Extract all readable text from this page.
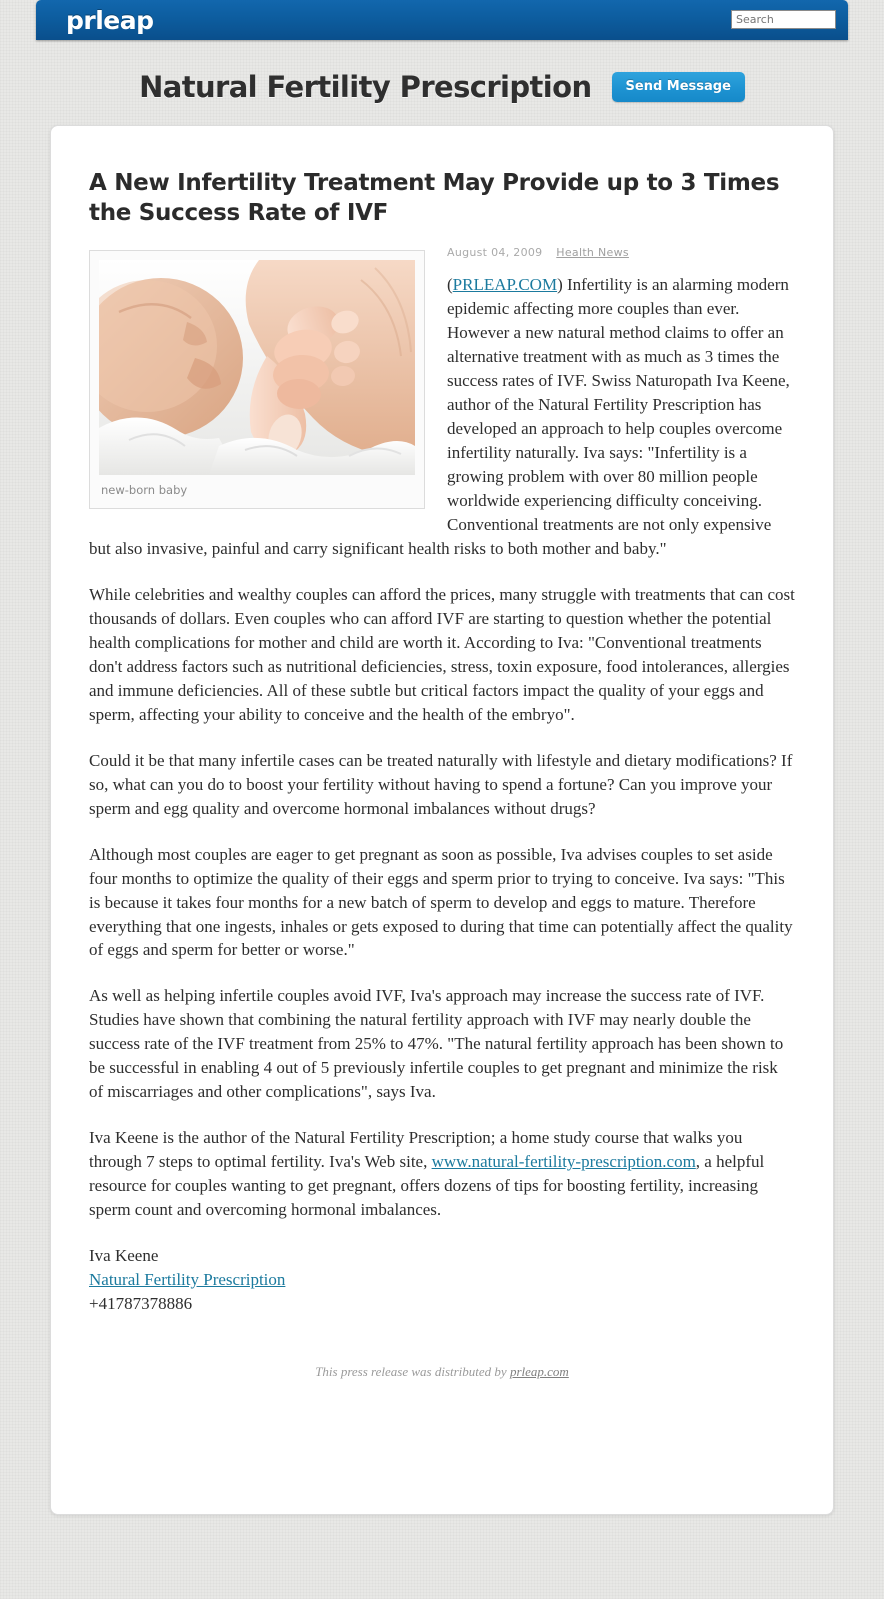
prleap
Search
Natural Fertility Prescription	Send Message
A New Infertility Treatment May Provide up to 3 Times the Success Rate of IVF
new-born baby
August 04, 2009 Health News

(PRLEAP.COM) Infertility is an alarming modern epidemic affecting more couples than ever. However a new natural method claims to offer an alternative treatment with as much as 3 times the success rates of IVF. Swiss Naturopath Iva Keene, author of the Natural Fertility Prescription has developed an approach to help couples overcome infertility naturally. Iva says: "Infertility is a growing problem with over 80 million people worldwide experiencing difficulty conceiving. Conventional treatments are not only expensive but also invasive, painful and carry significant health risks to both mother and baby."

While celebrities and wealthy couples can afford the prices, many struggle with treatments that can cost thousands of dollars. Even couples who can afford IVF are starting to question whether the potential health complications for mother and child are worth it. According to Iva: "Conventional treatments don't address factors such as nutritional deficiencies, stress, toxin exposure, food intolerances, allergies and immune deficiencies. All of these subtle but critical factors impact the quality of your eggs and sperm, affecting your ability to conceive and the health of the embryo".

Could it be that many infertile cases can be treated naturally with lifestyle and dietary modifications? If so, what can you do to boost your fertility without having to spend a fortune? Can you improve your sperm and egg quality and overcome hormonal imbalances without drugs?

Although most couples are eager to get pregnant as soon as possible, Iva advises couples to set aside four months to optimize the quality of their eggs and sperm prior to trying to conceive. Iva says: "This is because it takes four months for a new batch of sperm to develop and eggs to mature. Therefore everything that one ingests, inhales or gets exposed to during that time can potentially affect the quality of eggs and sperm for better or worse."

As well as helping infertile couples avoid IVF, Iva's approach may increase the success rate of IVF. Studies have shown that combining the natural fertility approach with IVF may nearly double the success rate of the IVF treatment from 25% to 47%. "The natural fertility approach has been shown to be successful in enabling 4 out of 5 previously infertile couples to get pregnant and minimize the risk of miscarriages and other complications", says Iva.

Iva Keene is the author of the Natural Fertility Prescription; a home study course that walks you through 7 steps to optimal fertility. Iva's Web site, www.natural-fertility-prescription.com, a helpful resource for couples wanting to get pregnant, offers dozens of tips for boosting fertility, increasing sperm count and overcoming hormonal imbalances.

Iva Keene

Natural Fertility Prescription

+41787378886

This press release was distributed by prleap.com
